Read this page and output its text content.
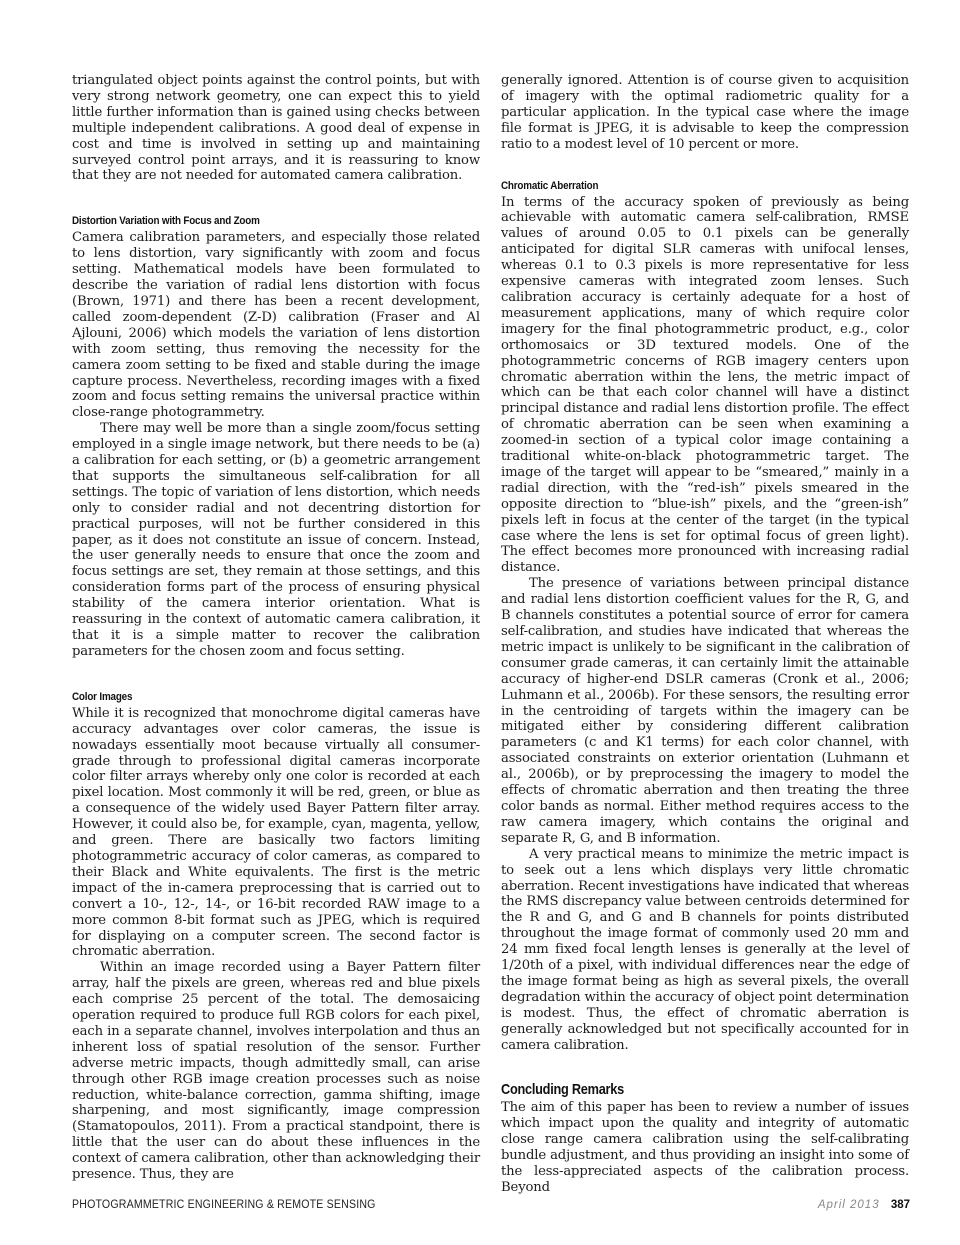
triangulated object points against the control points, but with very strong network geometry, one can expect this to yield little further information than is gained using checks between multiple independent calibrations. A good deal of expense in cost and time is involved in setting up and maintaining surveyed control point arrays, and it is reassuring to know that they are not needed for automated camera calibration.

Distortion Variation with Focus and Zoom

Camera calibration parameters, and especially those related to lens distortion, vary significantly with zoom and focus setting. Mathematical models have been formulated to describe the variation of radial lens distortion with focus (Brown, 1971) and there has been a recent development, called zoom-dependent (Z-D) calibration (Fraser and Al Ajlouni, 2006) which models the variation of lens distortion with zoom setting, thus removing the necessity for the camera zoom setting to be fixed and stable during the image capture process. Nevertheless, recording images with a fixed zoom and focus setting remains the universal practice within close-range photogrammetry.

There may well be more than a single zoom/focus setting employed in a single image network, but there needs to be (a) a calibration for each setting, or (b) a geometric arrangement that supports the simultaneous self-calibration for all settings. The topic of variation of lens distortion, which needs only to consider radial and not decentring distortion for practical purposes, will not be further considered in this paper, as it does not constitute an issue of concern. Instead, the user generally needs to ensure that once the zoom and focus settings are set, they remain at those settings, and this consideration forms part of the process of ensuring physical stability of the camera interior orientation. What is reassuring in the context of automatic camera calibration, it that it is a simple matter to recover the calibration parameters for the chosen zoom and focus setting.

Color Images

While it is recognized that monochrome digital cameras have accuracy advantages over color cameras, the issue is nowadays essentially moot because virtually all consumer-grade through to professional digital cameras incorporate color filter arrays whereby only one color is recorded at each pixel location. Most commonly it will be red, green, or blue as a consequence of the widely used Bayer Pattern filter array. However, it could also be, for example, cyan, magenta, yellow, and green. There are basically two factors limiting photogrammetric accuracy of color cameras, as compared to their Black and White equivalents. The first is the metric impact of the in-camera preprocessing that is carried out to convert a 10-, 12-, 14-, or 16-bit recorded RAW image to a more common 8-bit format such as JPEG, which is required for displaying on a computer screen. The second factor is chromatic aberration.

Within an image recorded using a Bayer Pattern filter array, half the pixels are green, whereas red and blue pixels each comprise 25 percent of the total. The demosaicing operation required to produce full RGB colors for each pixel, each in a separate channel, involves interpolation and thus an inherent loss of spatial resolution of the sensor. Further adverse metric impacts, though admittedly small, can arise through other RGB image creation processes such as noise reduction, white-balance correction, gamma shifting, image sharpening, and most significantly, image compression (Stamatopoulos, 2011). From a practical standpoint, there is little that the user can do about these influences in the context of camera calibration, other than acknowledging their presence. Thus, they are

generally ignored. Attention is of course given to acquisition of imagery with the optimal radiometric quality for a particular application. In the typical case where the image file format is JPEG, it is advisable to keep the compression ratio to a modest level of 10 percent or more.

Chromatic Aberration

In terms of the accuracy spoken of previously as being achievable with automatic camera self-calibration, RMSE values of around 0.05 to 0.1 pixels can be generally anticipated for digital SLR cameras with unifocal lenses, whereas 0.1 to 0.3 pixels is more representative for less expensive cameras with integrated zoom lenses. Such calibration accuracy is certainly adequate for a host of measurement applications, many of which require color imagery for the final photogrammetric product, e.g., color orthomosaics or 3D textured models. One of the photogrammetric concerns of RGB imagery centers upon chromatic aberration within the lens, the metric impact of which can be that each color channel will have a distinct principal distance and radial lens distortion profile. The effect of chromatic aberration can be seen when examining a zoomed-in section of a typical color image containing a traditional white-on-black photogrammetric target. The image of the target will appear to be “smeared,” mainly in a radial direction, with the “red-ish” pixels smeared in the opposite direction to “blue-ish” pixels, and the “green-ish” pixels left in focus at the center of the target (in the typical case where the lens is set for optimal focus of green light). The effect becomes more pronounced with increasing radial distance.

The presence of variations between principal distance and radial lens distortion coefficient values for the R, G, and B channels constitutes a potential source of error for camera self-calibration, and studies have indicated that whereas the metric impact is unlikely to be significant in the calibration of consumer grade cameras, it can certainly limit the attainable accuracy of higher-end DSLR cameras (Cronk et al., 2006; Luhmann et al., 2006b). For these sensors, the resulting error in the centroiding of targets within the imagery can be mitigated either by considering different calibration parameters (c and K1 terms) for each color channel, with associated constraints on exterior orientation (Luhmann et al., 2006b), or by preprocessing the imagery to model the effects of chromatic aberration and then treating the three color bands as normal. Either method requires access to the raw camera imagery, which contains the original and separate R, G, and B information.

A very practical means to minimize the metric impact is to seek out a lens which displays very little chromatic aberration. Recent investigations have indicated that whereas the RMS discrepancy value between centroids determined for the R and G, and G and B channels for points distributed throughout the image format of commonly used 20 mm and 24 mm fixed focal length lenses is generally at the level of 1/20th of a pixel, with individual differences near the edge of the image format being as high as several pixels, the overall degradation within the accuracy of object point determination is modest. Thus, the effect of chromatic aberration is generally acknowledged but not specifically accounted for in camera calibration.

Concluding Remarks

The aim of this paper has been to review a number of issues which impact upon the quality and integrity of automatic close range camera calibration using the self-calibrating bundle adjustment, and thus providing an insight into some of the less-appreciated aspects of the calibration process. Beyond

PHOTOGRAMMETRIC ENGINEERING & REMOTE SENSING	April 2013 387
